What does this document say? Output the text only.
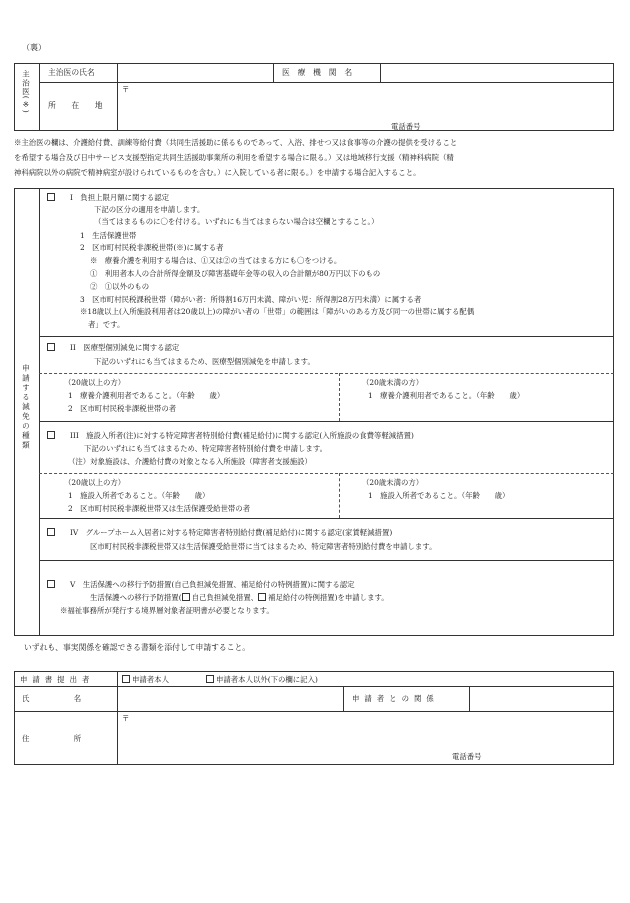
（裏）
主治医(※) 主治医の氏名	医　療　機　関　名
所　　在　　地
〒
電話番号
※主治医の欄は、介護給付費、訓練等給付費（共同生活援助に係るものであって、入浴、排せつ又は食事等の介護の提供を受けること
を希望する場合及び日中サービス支援型指定共同生活援助事業所の利用を希望する場合に限る。）又は地域移行支援（精神科病院（精
神科病院以外の病院で精神病室が設けられているものを含む。）に入院している者に限る。）を申請する場合記入すること。
申請する減免の種類
I　負担上限月額に関する認定
下記の区分の適用を申請します。
（当てはまるものに〇を付ける。いずれにも当てはまらない場合は空欄とすること。）
1　生活保護世帯
2　区市町村民税非課税世帯(※)に属する者
※　療養介護を利用する場合は、①又は②の当てはまる方にも〇をつける。
①　利用者本人の合計所得金額及び障害基礎年金等の収入の合計額が80万円以下のもの
②　①以外のもの
3　区市町村民税課税世帯（障がい者：所得割16万円未満、障がい児：所得割28万円未満）に属する者
※18歳以上(入所施設利用者は20歳以上)の障がい者の「世帯」の範囲は「障がいのある方及び同一の世帯に属する配偶
者」です。
II　医療型個別減免に関する認定
下記のいずれにも当てはまるため、医療型個別減免を申請します。
（20歳以上の方）
1　療養介護利用者であること。（年齢　　歳）
2　区市町村民税非課税世帯の者
（20歳未満の方）
1　療養介護利用者であること。（年齢　　歳）
III　施設入所者(注)に対する特定障害者特別給付費(補足給付)に関する認定(入所施設の食費等軽減措置)
下記のいずれにも当てはまるため、特定障害者特別給付費を申請します。
（注）対象施設は、介護給付費の対象となる入所施設（障害者支援施設）
（20歳以上の方）
1　施設入所者であること。（年齢　　歳）
2　区市町村民税非課税世帯又は生活保護受給世帯の者
（20歳未満の方）
1　施設入所者であること。（年齢　　歳）
IV　グループホーム入居者に対する特定障害者特別給付費(補足給付)に関する認定(家賃軽減措置)
区市町村民税非課税世帯又は生活保護受給世帯に当てはまるため、特定障害者特別給付費を申請します。
V　生活保護への移行予防措置(自己負担減免措置、補足給付の特例措置)に関する認定
生活保護への移行予防措置( 自己負担減免措置、 補足給付の特例措置)を申請します。
※福祉事務所が発行する境界層対象者証明書が必要となります。
いずれも、事実関係を確認できる書類を添付して申請すること。
申請書提出者	申請者本人	申請者本人以外(下の欄に記入)
氏　　　　　　名	申請者との関係
住　　　　　　所
〒
電話番号
